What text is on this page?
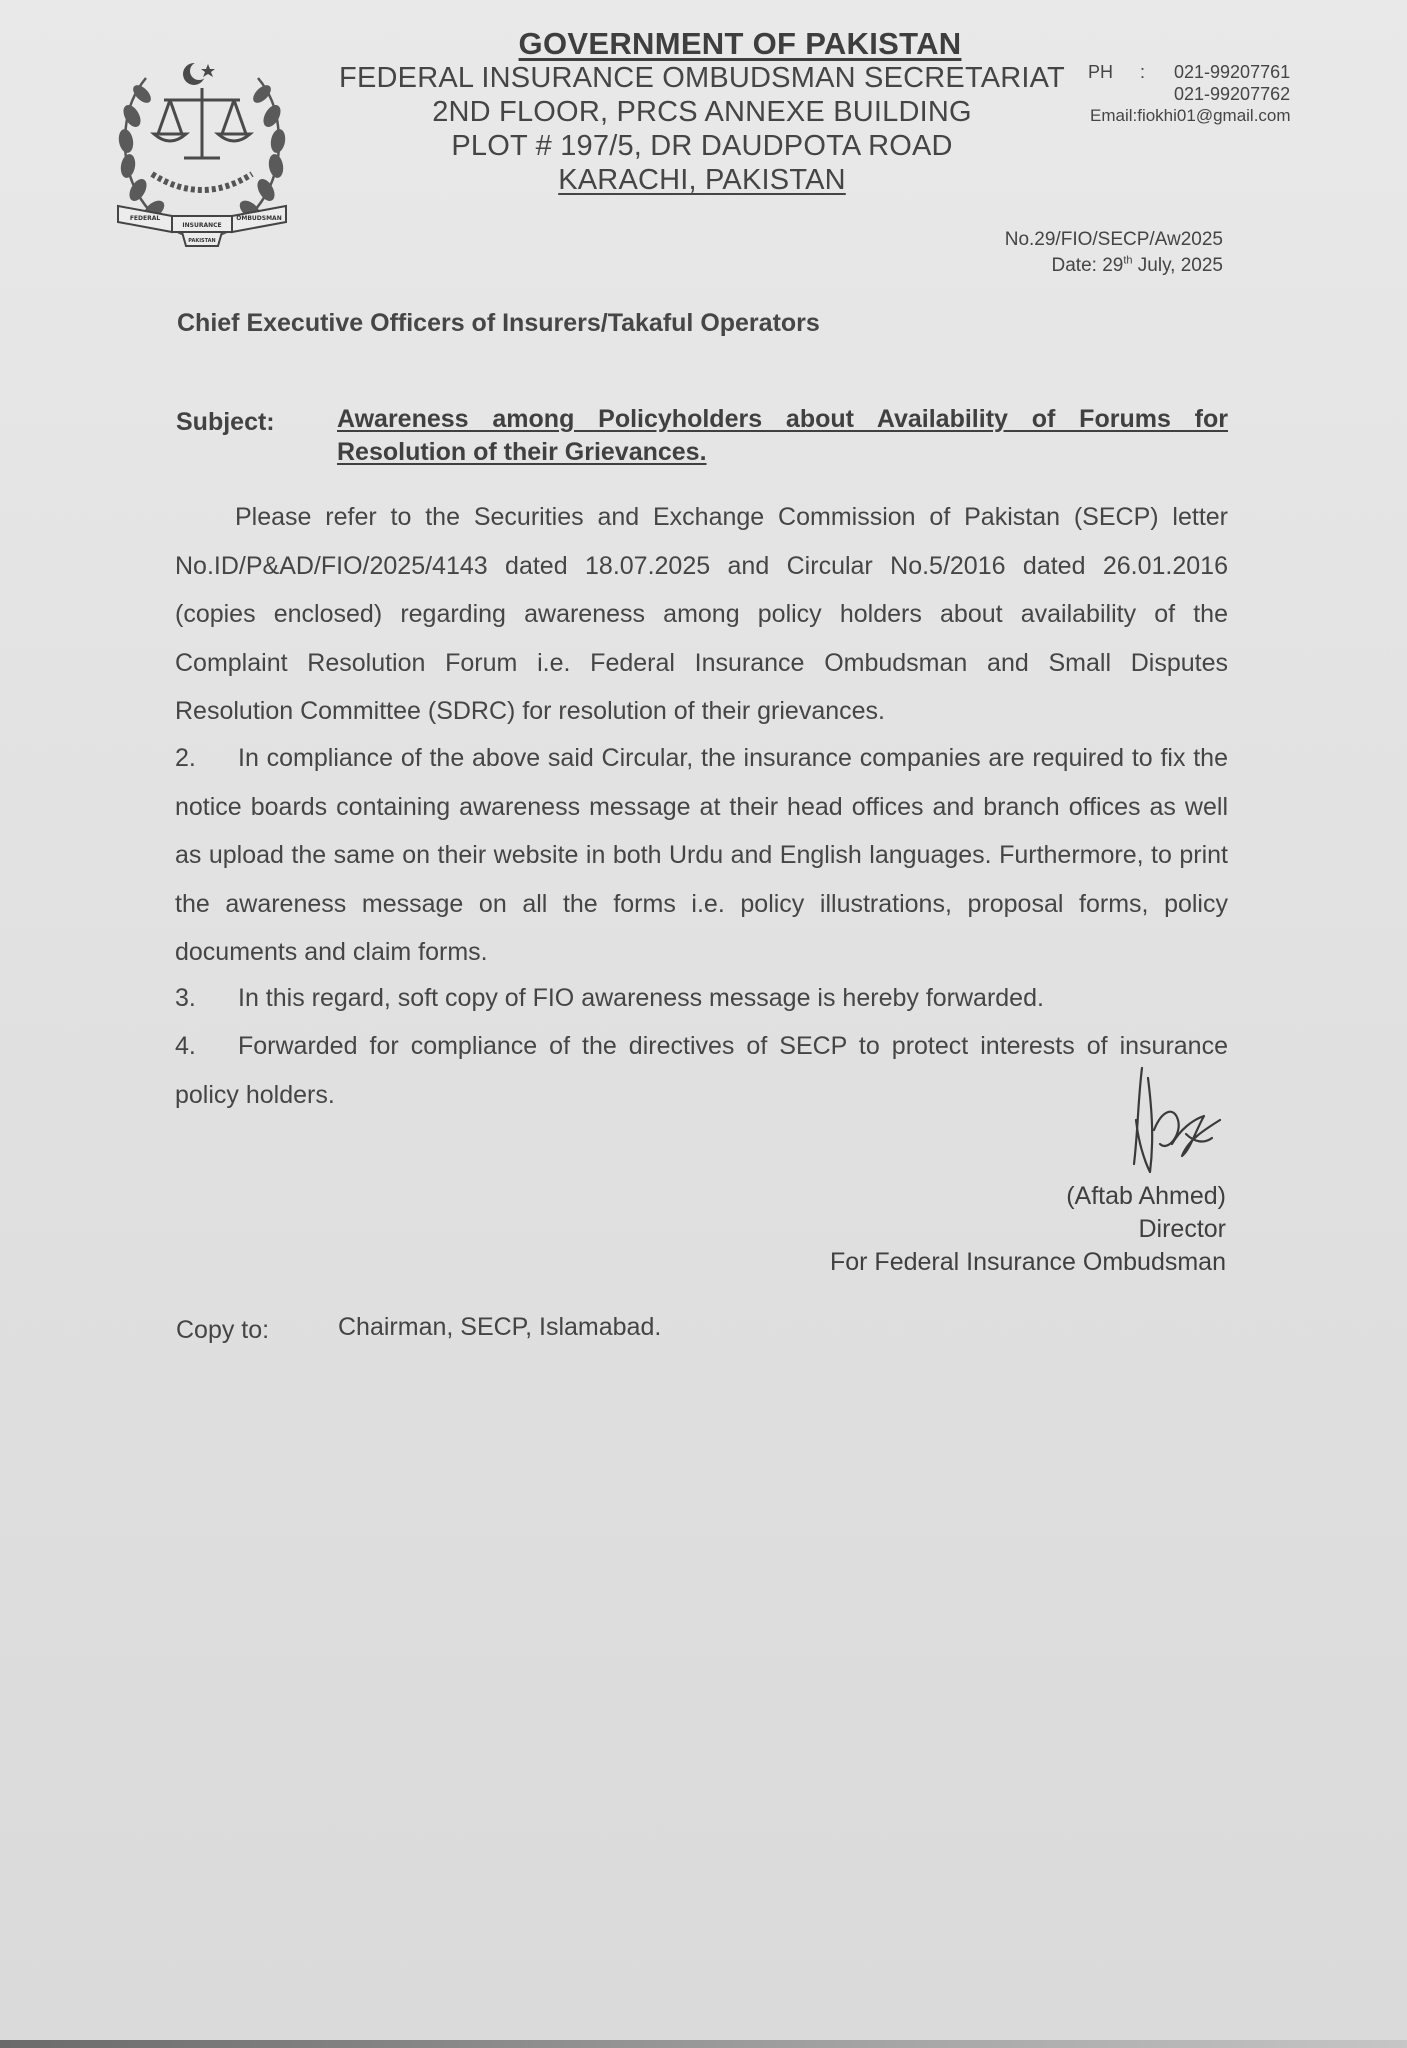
FEDERAL
INSURANCE
OMBUDSMAN
PAKISTAN
GOVERNMENT OF PAKISTAN
FEDERAL INSURANCE OMBUDSMAN SECRETARIAT
2ND FLOOR, PRCS ANNEXE BUILDING
PLOT # 197/5, DR DAUDPOTA ROAD
KARACHI, PAKISTAN
PH : 021-99207761
021-99207762
Email:fiokhi01@gmail.com
No.29/FIO/SECP/Aw2025
Date: 29th July, 2025
Chief Executive Officers of Insurers/Takaful Operators
Subject: Awareness among Policyholders about Availability of Forums for Resolution of their Grievances.
Please refer to the Securities and Exchange Commission of Pakistan (SECP) letter No.ID/P&AD/FIO/2025/4143 dated 18.07.2025 and Circular No.5/2016 dated 26.01.2016 (copies enclosed) regarding awareness among policy holders about availability of the Complaint Resolution Forum i.e. Federal Insurance Ombudsman and Small Disputes Resolution Committee (SDRC) for resolution of their grievances.
2. In compliance of the above said Circular, the insurance companies are required to fix the notice boards containing awareness message at their head offices and branch offices as well as upload the same on their website in both Urdu and English languages. Furthermore, to print the awareness message on all the forms i.e. policy illustrations, proposal forms, policy documents and claim forms.
3. In this regard, soft copy of FIO awareness message is hereby forwarded.
4. Forwarded for compliance of the directives of SECP to protect interests of insurance policy holders.
(Aftab Ahmed)
Director
For Federal Insurance Ombudsman
Copy to:	Chairman, SECP, Islamabad.
